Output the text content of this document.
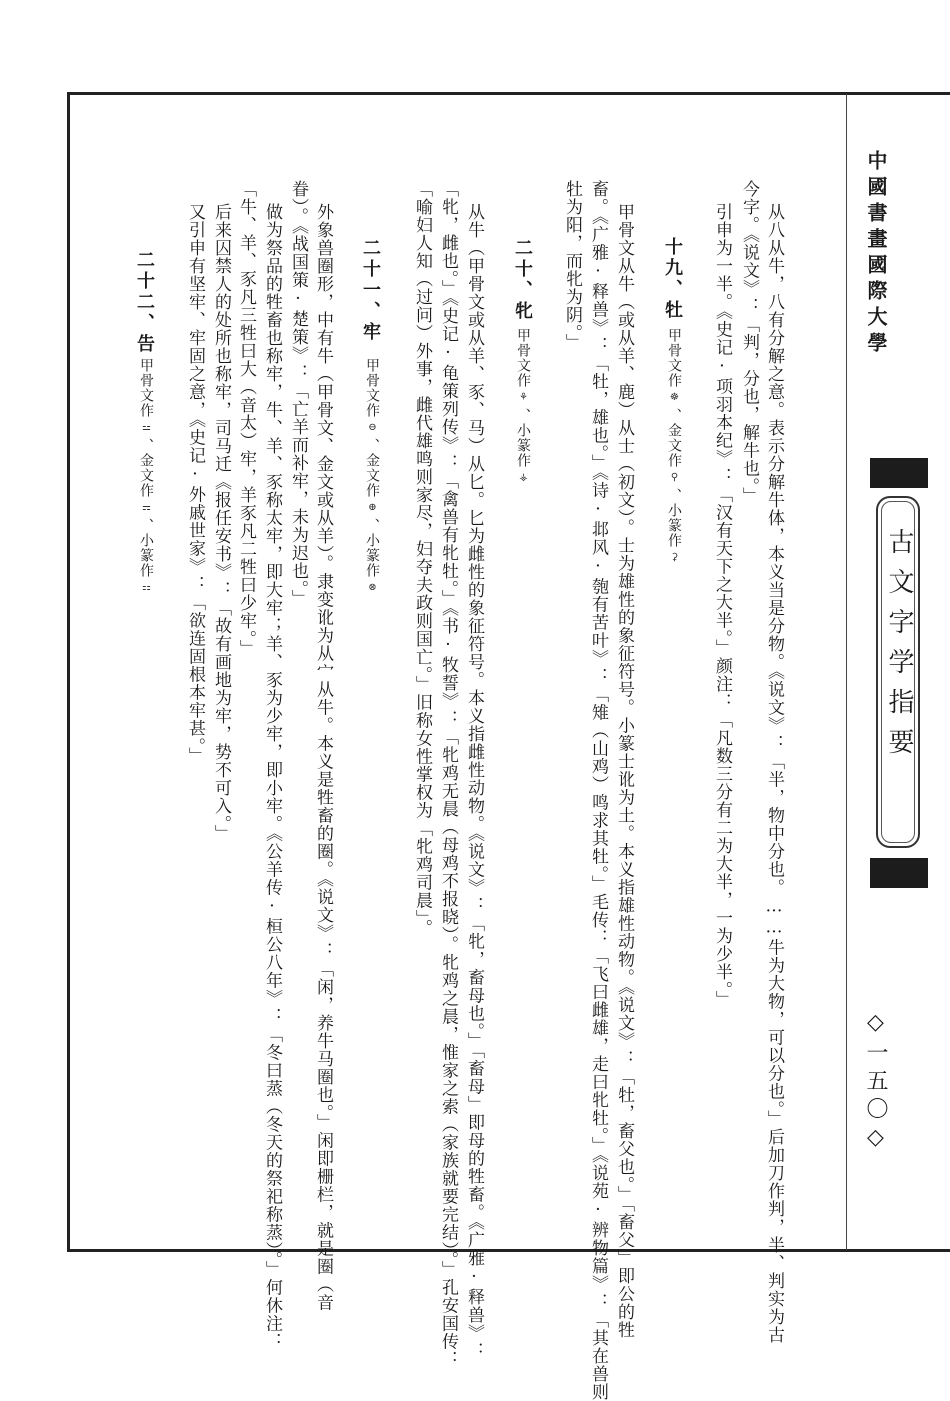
中國書畫國際大學
古文字学指要
◇一五〇◇
从八从牛，八有分解之意。表示分解牛体，本义当是分物。《说文》：「半，物中分也。……牛为大物，可以分也。」后加刀作判，半、判实为古
今字。《说文》：「判，分也，解牛也。」
引申为一半。《史记·项羽本纪》：「汉有天下之大半。」颜注：「凡数三分有二为大半，一为少半。」
十九、牡
甲骨文作☸、金文作⚲、小篆作⚳
甲骨文从牛（或从羊、鹿）从士（初文）。士为雄性的象征符号。小篆士讹为土。本义指雄性动物。《说文》：「牡，畜父也。」「畜父」即公的牲
畜。《广雅·释兽》：「牡，雄也。」《诗·邶风·匏有苦叶》：「雉（山鸡）鸣求其牡。」毛传：「飞曰雌雄，走曰牝牡。」《说苑·辨物篇》：「其在兽则
牡为阳，而牝为阴。」
二十、牝
甲骨文作⚘、小篆作⚶
从牛（甲骨文或从羊、豕、马）从匕。匕为雌性的象征符号。本义指雌性动物。《说文》：「牝，畜母也。」「畜母」即母的牲畜。《广雅·释兽》：
「牝，雌也。」《史记·龟策列传》：「禽兽有牝牡。」《书·牧誓》：「牝鸡无晨（母鸡不报晓）。牝鸡之晨，惟家之索（家族就要完结）。」孔安国传：
「喻妇人知（过问）外事，雌代雄鸣则家尽，妇夺夫政则国亡。」旧称女性掌权为「牝鸡司晨」。
二十一、牢
甲骨文作⊖、金文作⊕、小篆作⊗
外象兽圈形，中有牛（甲骨文、金文或从羊）。隶变讹为从宀从牛。本义是牲畜的圈。《说文》：「闲，养牛马圈也。」闲即栅栏，就是圈（音
眷）。《战国策·楚策》：「亡羊而补牢，未为迟也。」
做为祭品的牲畜也称牢，牛、羊、豕称太牢，即大牢；羊、豕为少牢，即小牢。《公羊传·桓公八年》：「冬曰蒸（冬天的祭祀称蒸）。」何休注：
「牛、羊、豕凡三牲曰大（音太）牢，羊豕凡二牲曰少牢。」
后来囚禁人的处所也称牢，司马迁《报任安书》：「故有画地为牢，势不可入。」
又引申有坚牢、牢固之意，《史记·外戚世家》：「欲连固根本牢甚。」
二十二、告
甲骨文作⚍、金文作⚎、小篆作⚏
